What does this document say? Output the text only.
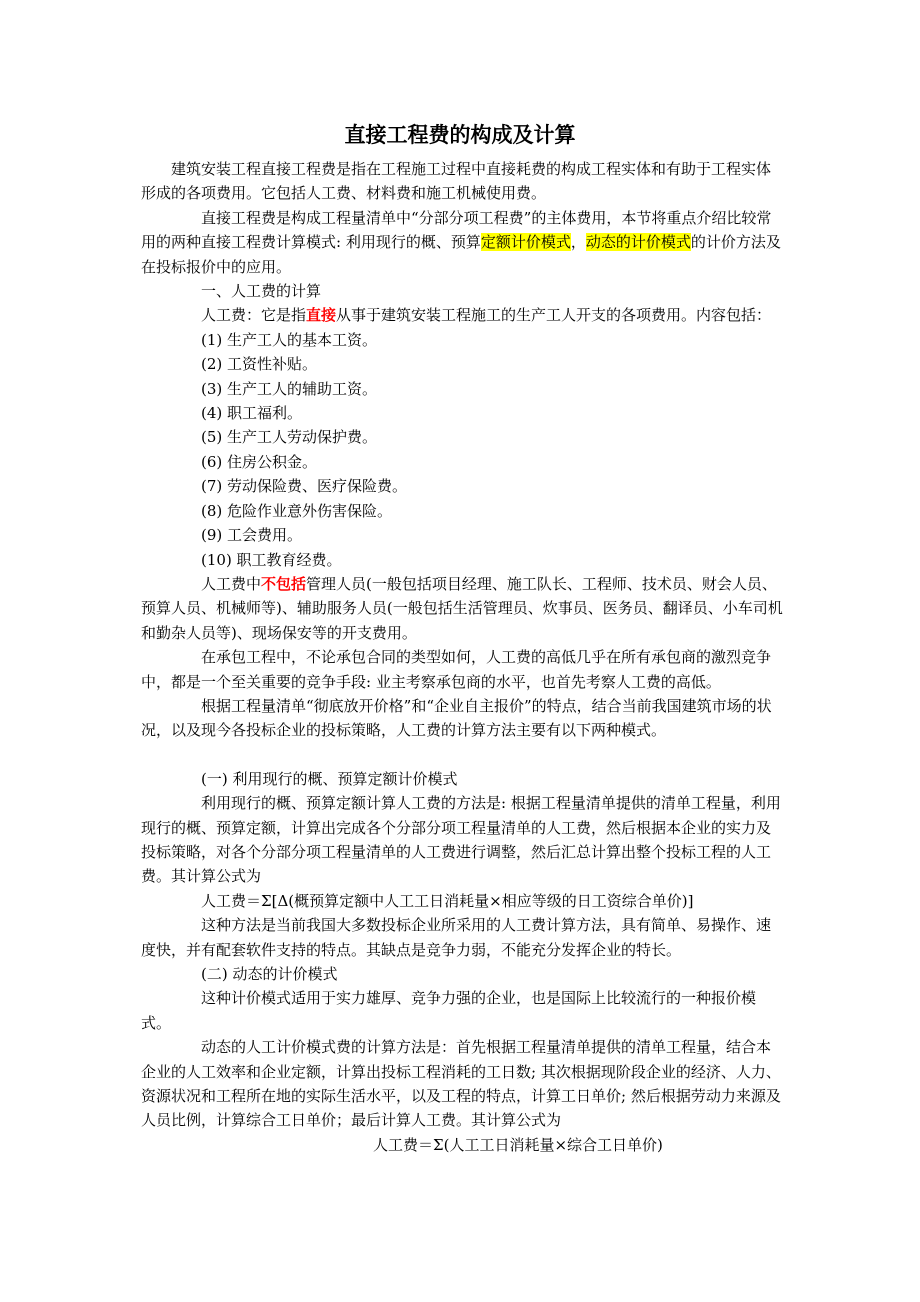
直接工程费的构成及计算

建筑安装工程直接工程费是指在工程施工过程中直接耗费的构成工程实体和有助于工程实体形成的各项费用。它包括人工费、材料费和施工机械使用费。

直接工程费是构成工程量清单中“分部分项工程费”的主体费用，本节将重点介绍比较常用的两种直接工程费计算模式: 利用现行的概、预算定额计价模式，动态的计价模式的计价方法及在投标报价中的应用。

一、人工费的计算

人工费：它是指直接从事于建筑安装工程施工的生产工人开支的各项费用。内容包括：

(1) 生产工人的基本工资。

(2) 工资性补贴。

(3) 生产工人的辅助工资。

(4) 职工福利。

(5) 生产工人劳动保护费。

(6) 住房公积金。

(7) 劳动保险费、医疗保险费。

(8) 危险作业意外伤害保险。

(9) 工会费用。

(10) 职工教育经费。

人工费中不包括管理人员(一般包括项目经理、施工队长、工程师、技术员、财会人员、预算人员、机械师等)、辅助服务人员(一般包括生活管理员、炊事员、医务员、翻译员、小车司机和勤杂人员等)、现场保安等的开支费用。

在承包工程中，不论承包合同的类型如何，人工费的高低几乎在所有承包商的激烈竞争中，都是一个至关重要的竞争手段: 业主考察承包商的水平，也首先考察人工费的高低。

根据工程量清单“彻底放开价格”和“企业自主报价”的特点，结合当前我国建筑市场的状况，以及现今各投标企业的投标策略，人工费的计算方法主要有以下两种模式。

(一) 利用现行的概、预算定额计价模式

利用现行的概、预算定额计算人工费的方法是: 根据工程量清单提供的清单工程量，利用现行的概、预算定额，计算出完成各个分部分项工程量清单的人工费，然后根据本企业的实力及投标策略，对各个分部分项工程量清单的人工费进行调整，然后汇总计算出整个投标工程的人工费。其计算公式为

人工费＝Σ[Δ(概预算定额中人工工日消耗量×相应等级的日工资综合单价)]

这种方法是当前我国大多数投标企业所采用的人工费计算方法，具有简单、易操作、速度快，并有配套软件支持的特点。其缺点是竞争力弱，不能充分发挥企业的特长。

(二) 动态的计价模式

这种计价模式适用于实力雄厚、竞争力强的企业，也是国际上比较流行的一种报价模式。

动态的人工计价模式费的计算方法是：首先根据工程量清单提供的清单工程量，结合本企业的人工效率和企业定额，计算出投标工程消耗的工日数; 其次根据现阶段企业的经济、人力、资源状况和工程所在地的实际生活水平，以及工程的特点，计算工日单价; 然后根据劳动力来源及人员比例，计算综合工日单价；最后计算人工费。其计算公式为

人工费＝Σ(人工工日消耗量×综合工日单价)
